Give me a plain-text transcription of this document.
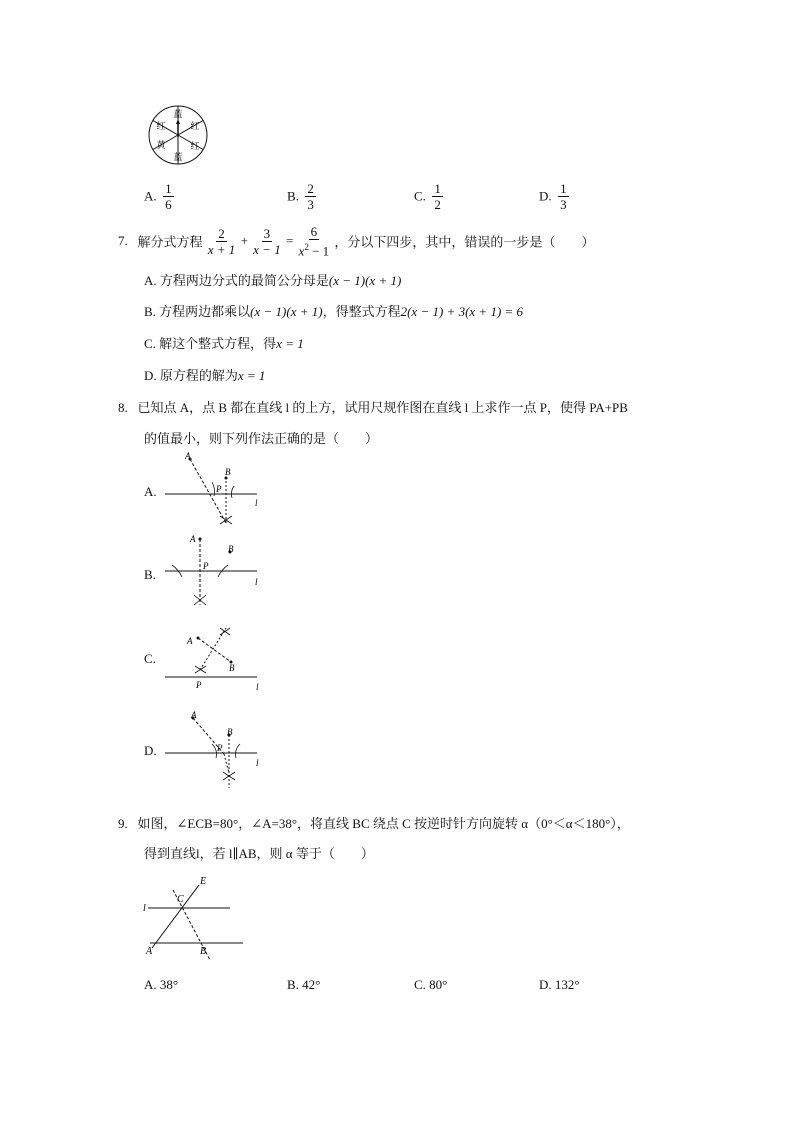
蓝
红
红
蓝
黄
红
A. $\frac{1}{6}$	B. $\frac{2}{3}$	C. $\frac{1}{2}$	D. $\frac{1}{3}$
7. 解分式方程 $\frac{2}{x + 1} + \frac{3}{x - 1} = \frac{6}{x^2 - 1}$ ，分以下四步，其中，错误的一步是（　　）
A. 方程两边分式的最简公分母是(x − 1)(x + 1)
B. 方程两边都乘以(x − 1)(x + 1)，得整式方程2(x − 1) + 3(x + 1) = 6
C. 解这个整式方程，得x = 1
D. 原方程的解为x = 1
8. 已知点 A，点 B 都在直线 l 的上方，试用尺规作图在直线 l 上求作一点 P，使得 PA+PB
的值最小，则下列作法正确的是（　　）
A.
B.
C.
D.
A
B
P
l
A
B
P
l
A
B
P	l
A
B
P
l
9. 如图，∠ECB=80°，∠A=38°，将直线 BC 绕点 C 按逆时针方向旋转 α（0°＜α＜180°），
得到直线l，若 l∥AB，则 α 等于（　　）
E
C
l
A	B
A. 38°	B. 42°	C. 80°	D. 132°
